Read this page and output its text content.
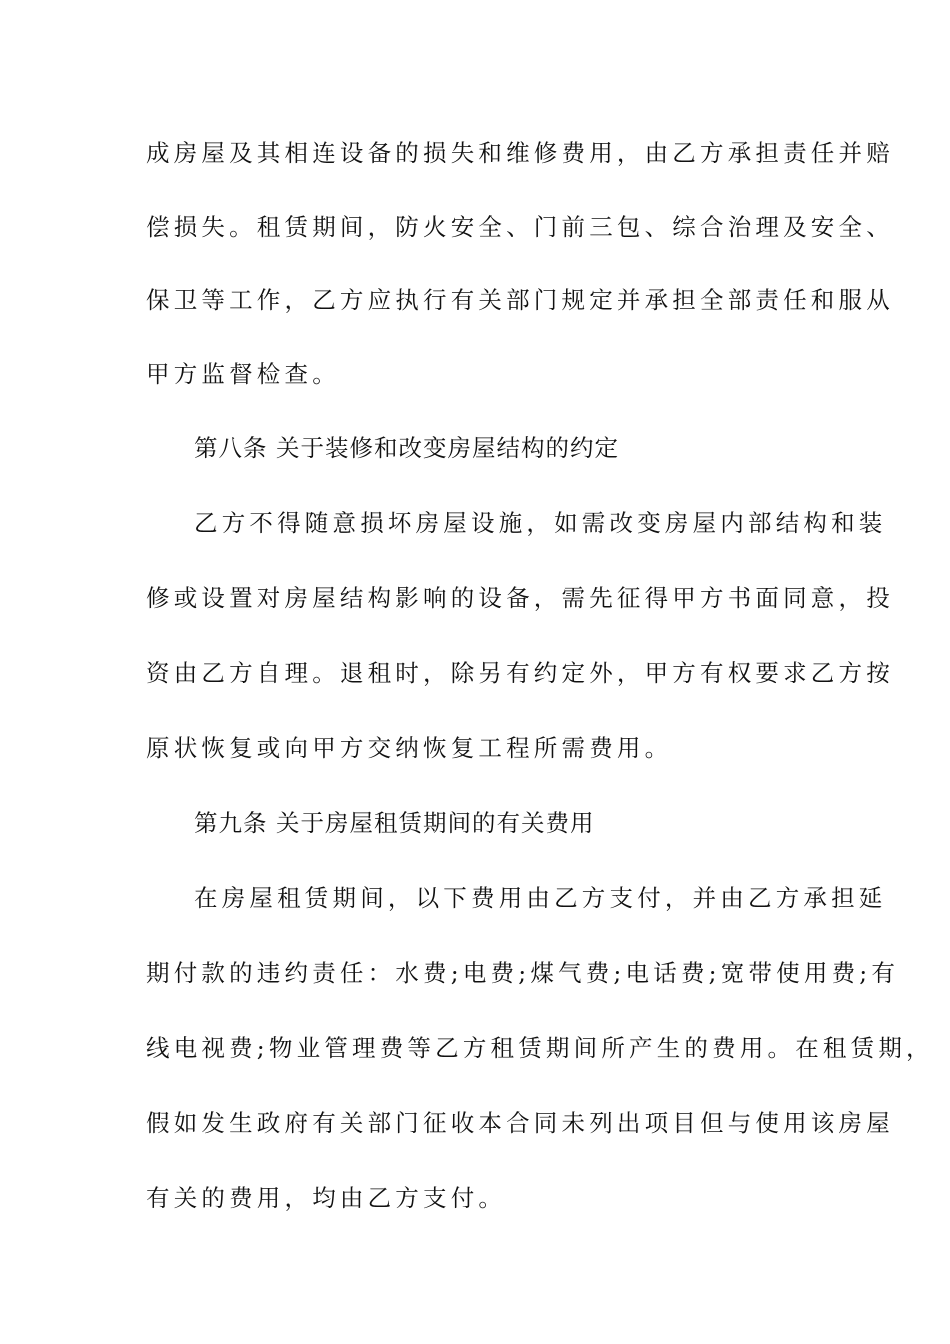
成房屋及其相连设备的损失和维修费用，由乙方承担责任并赔

偿损失。租赁期间，防火安全、门前三包、综合治理及安全、

保卫等工作，乙方应执行有关部门规定并承担全部责任和服从

甲方监督检查。

第八条 关于装修和改变房屋结构的约定

乙方不得随意损坏房屋设施，如需改变房屋内部结构和装

修或设置对房屋结构影响的设备，需先征得甲方书面同意，投

资由乙方自理。退租时，除另有约定外，甲方有权要求乙方按

原状恢复或向甲方交纳恢复工程所需费用。

第九条 关于房屋租赁期间的有关费用

在房屋租赁期间，以下费用由乙方支付，并由乙方承担延

期付款的违约责任：水费;电费;煤气费;电话费;宽带使用费;有

线电视费;物业管理费等乙方租赁期间所产生的费用。在租赁期，

假如发生政府有关部门征收本合同未列出项目但与使用该房屋

有关的费用，均由乙方支付。
